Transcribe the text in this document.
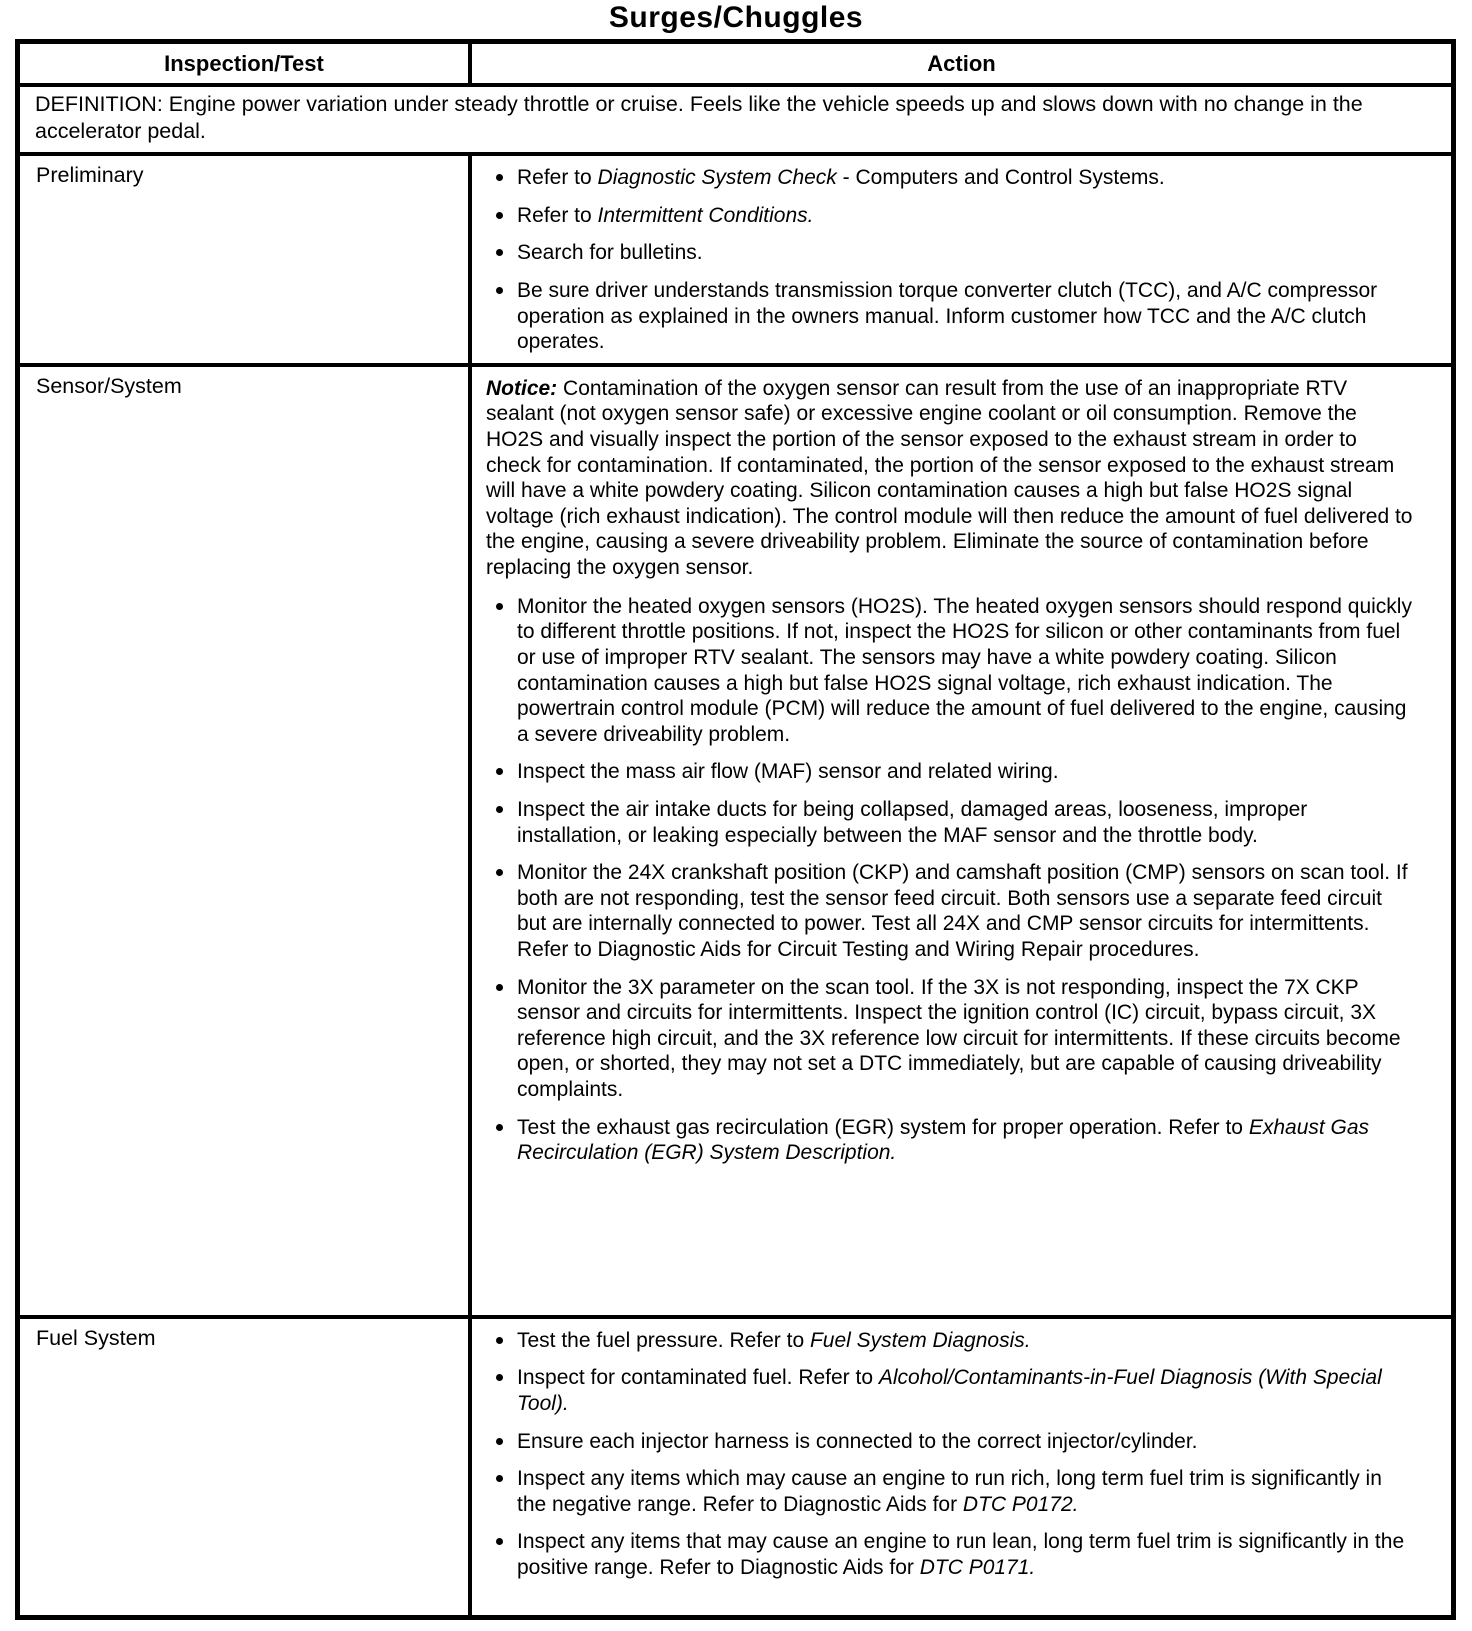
Surges/Chuggles
Inspection/Test	Action
DEFINITION: Engine power variation under steady throttle or cruise. Feels like the vehicle speeds up and slows down with no change in the accelerator pedal.
Preliminary	Refer to Diagnostic System Check - Computers and Control Systems.
Refer to Intermittent Conditions.
Search for bulletins.
Be sure driver understands transmission torque converter clutch (TCC), and A/C compressor operation as explained in the owners manual. Inform customer how TCC and the A/C clutch operates.
Sensor/System	Notice: Contamination of the oxygen sensor can result from the use of an inappropriate RTV sealant (not oxygen sensor safe) or excessive engine coolant or oil consumption. Remove the HO2S and visually inspect the portion of the sensor exposed to the exhaust stream in order to check for contamination. If contaminated, the portion of the sensor exposed to the exhaust stream will have a white powdery coating. Silicon contamination causes a high but false HO2S signal voltage (rich exhaust indication). The control module will then reduce the amount of fuel delivered to the engine, causing a severe driveability problem. Eliminate the source of contamination before replacing the oxygen sensor.

Monitor the heated oxygen sensors (HO2S). The heated oxygen sensors should respond quickly to different throttle positions. If not, inspect the HO2S for silicon or other contaminants from fuel or use of improper RTV sealant. The sensors may have a white powdery coating. Silicon contamination causes a high but false HO2S signal voltage, rich exhaust indication. The powertrain control module (PCM) will reduce the amount of fuel delivered to the engine, causing a severe driveability problem.
Inspect the mass air flow (MAF) sensor and related wiring.
Inspect the air intake ducts for being collapsed, damaged areas, looseness, improper installation, or leaking especially between the MAF sensor and the throttle body.
Monitor the 24X crankshaft position (CKP) and camshaft position (CMP) sensors on scan tool. If both are not responding, test the sensor feed circuit. Both sensors use a separate feed circuit but are internally connected to power. Test all 24X and CMP sensor circuits for intermittents. Refer to Diagnostic Aids for Circuit Testing and Wiring Repair procedures.
Monitor the 3X parameter on the scan tool. If the 3X is not responding, inspect the 7X CKP sensor and circuits for intermittents. Inspect the ignition control (IC) circuit, bypass circuit, 3X reference high circuit, and the 3X reference low circuit for intermittents. If these circuits become open, or shorted, they may not set a DTC immediately, but are capable of causing driveability complaints.
Test the exhaust gas recirculation (EGR) system for proper operation. Refer to Exhaust Gas Recirculation (EGR) System Description.
Fuel System	Test the fuel pressure. Refer to Fuel System Diagnosis.
Inspect for contaminated fuel. Refer to Alcohol/Contaminants-in-Fuel Diagnosis (With Special Tool).
Ensure each injector harness is connected to the correct injector/cylinder.
Inspect any items which may cause an engine to run rich, long term fuel trim is significantly in the negative range. Refer to Diagnostic Aids for DTC P0172.
Inspect any items that may cause an engine to run lean, long term fuel trim is significantly in the positive range. Refer to Diagnostic Aids for DTC P0171.
